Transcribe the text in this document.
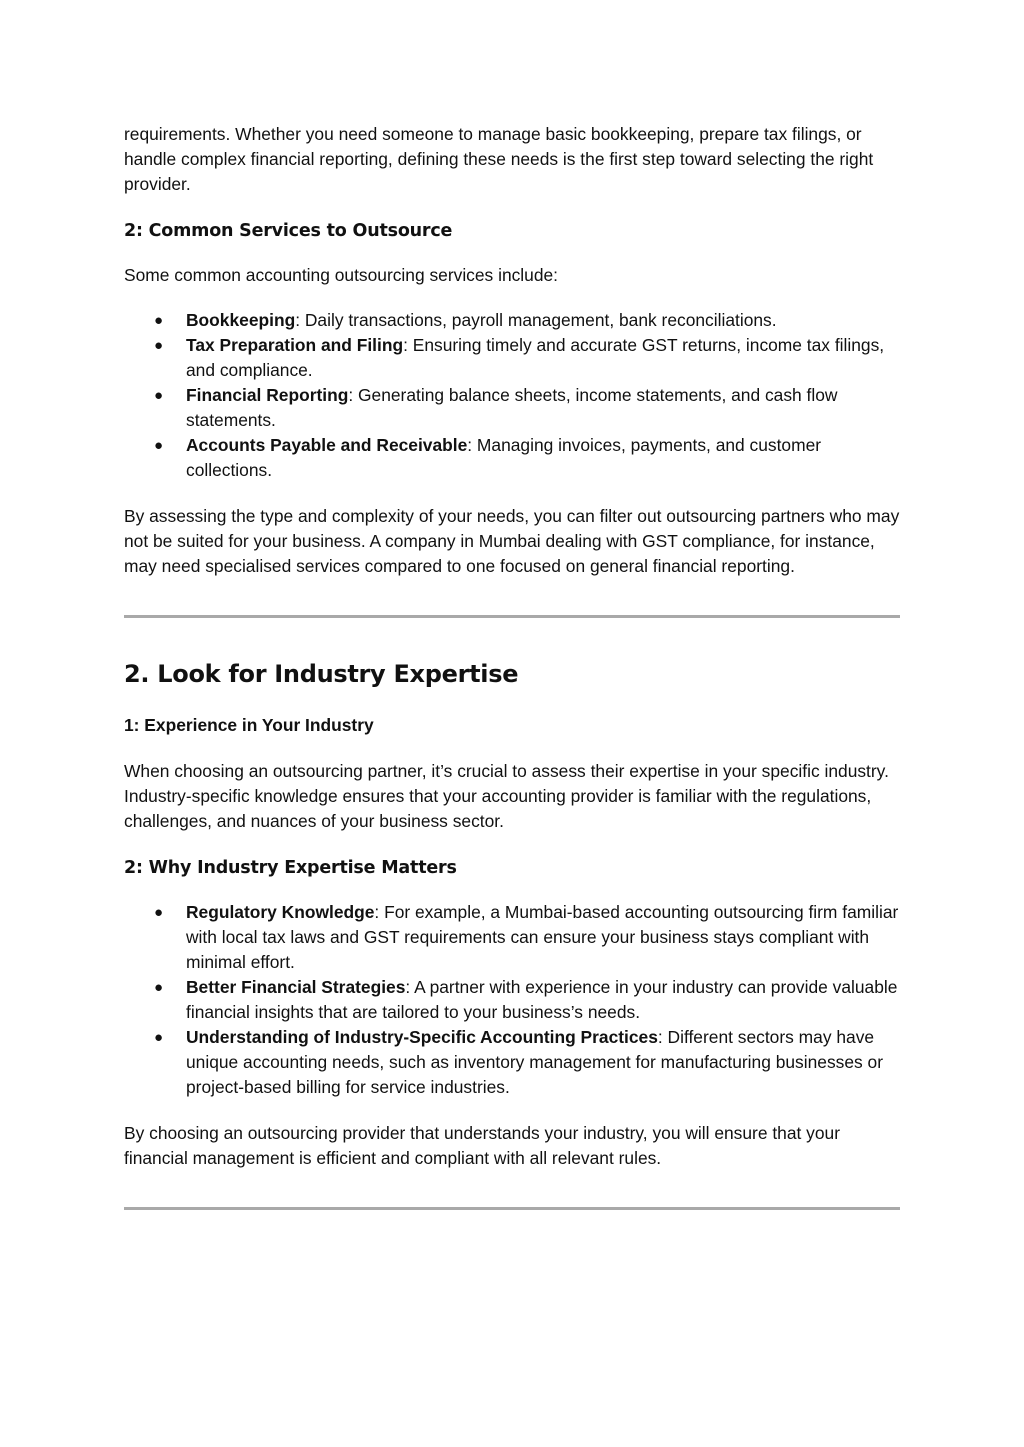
requirements. Whether you need someone to manage basic bookkeeping, prepare tax filings, or handle complex financial reporting, defining these needs is the first step toward selecting the right provider.

2: Common Services to Outsource

Some common accounting outsourcing services include:

● Bookkeeping: Daily transactions, payroll management, bank reconciliations.
● Tax Preparation and Filing: Ensuring timely and accurate GST returns, income tax filings, and compliance.
● Financial Reporting: Generating balance sheets, income statements, and cash flow statements.
● Accounts Payable and Receivable: Managing invoices, payments, and customer collections.

By assessing the type and complexity of your needs, you can filter out outsourcing partners who may not be suited for your business. A company in Mumbai dealing with GST compliance, for instance, may need specialised services compared to one focused on general financial reporting.

2. Look for Industry Expertise
1: Experience in Your Industry

When choosing an outsourcing partner, it’s crucial to assess their expertise in your specific industry. Industry-specific knowledge ensures that your accounting provider is familiar with the regulations, challenges, and nuances of your business sector.

2: Why Industry Expertise Matters
● Regulatory Knowledge: For example, a Mumbai-based accounting outsourcing firm familiar with local tax laws and GST requirements can ensure your business stays compliant with minimal effort.
● Better Financial Strategies: A partner with experience in your industry can provide valuable financial insights that are tailored to your business’s needs.
● Understanding of Industry-Specific Accounting Practices: Different sectors may have unique accounting needs, such as inventory management for manufacturing businesses or project-based billing for service industries.

By choosing an outsourcing provider that understands your industry, you will ensure that your financial management is efficient and compliant with all relevant rules.
